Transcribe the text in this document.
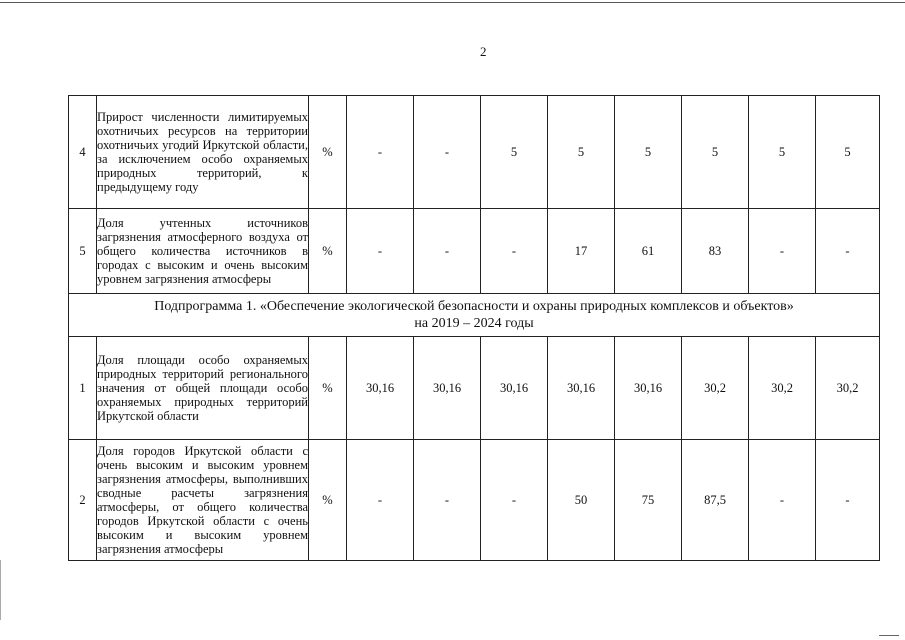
2
4	Прирост численности лимитируемых охотничьих ресурсов на территории охотничьих угодий Иркутской области, за исключением особо охраняемых природных территорий, к предыдущему году	%	-	-	5	5	5	5	5	5
5	Доля учтенных источников загрязнения атмосферного воздуха от общего количества источников в городах с высоким и очень высоким уровнем загрязнения атмосферы	%	-	-	-	17	61	83	-	-

Подпрограмма 1. «Обеспечение экологической безопасности и охраны природных комплексов и объектов»
на 2019 – 2024 годы										

1	Доля площади особо охраняемых природных территорий регионального значения от общей площади особо охраняемых природных территорий Иркутской области	%	30,16	30,16	30,16	30,16	30,16	30,2	30,2	30,2
2	Доля городов Иркутской области с очень высоким и высоким уровнем загрязнения атмосферы, выполнивших сводные расчеты загрязнения атмосферы, от общего количества городов Иркутской области с очень высоким и высоким уровнем загрязнения атмосферы	%	-	-	-	50	75	87,5	-	-
